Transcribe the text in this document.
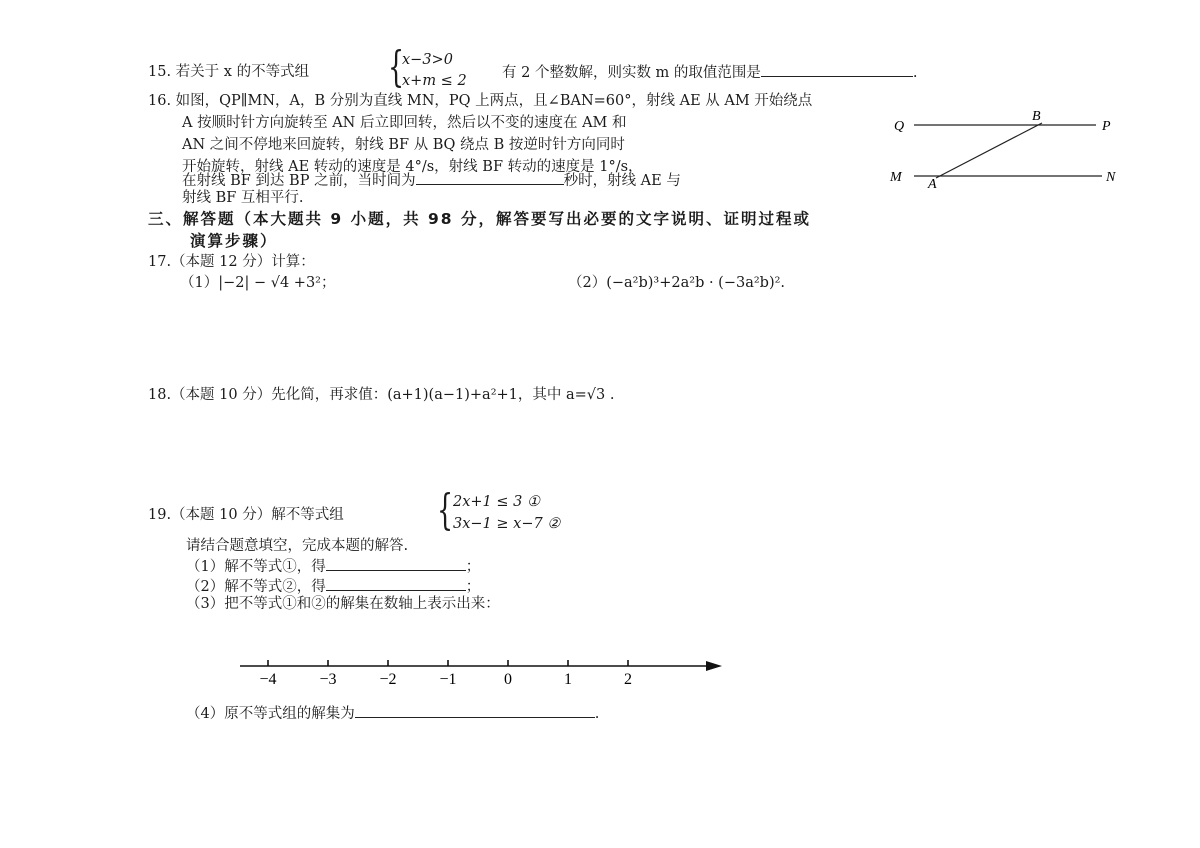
15. 若关于 x 的不等式组 {
x−3>0
x+m ≤ 2 有 2 个整数解，则实数 m 的取值范围是	.
16. 如图，QP∥MN，A，B 分别为直线 MN，PQ 上两点，且∠BAN=60°，射线 AE 从 AM 开始绕点
A 按顺时针方向旋转至 AN 后立即回转，然后以不变的速度在 AM 和
AN 之间不停地来回旋转，射线 BF 从 BQ 绕点 B 按逆时针方向同时
开始旋转，射线 AE 转动的速度是 4°/s，射线 BF 转动的速度是 1°/s，
在射线 BF 到达 BP 之前，当时间为	秒时，射线 AE 与
射线 BF 互相平行.
Q
B
P
M A	N
三、解答题（本大题共 9 小题，共 98 分，解答要写出必要的文字说明、证明过程或
演算步骤）
17.（本题 12 分）计算：
（1）|−2| − √4 +3²；	（2）(−a²b)³+2a²b · (−3a²b)².
18.（本题 10 分）先化简，再求值：(a+1)(a−1)+a²+1，其中 a=√3 .
19.（本题 10 分）解不等式组 { 2x+1 ≤ 3 ①
3x−1 ≥ x−7 ②
请结合题意填空，完成本题的解答.
（1）解不等式①，得	；
（2）解不等式②，得	；
（3）把不等式①和②的解集在数轴上表示出来：
−4	−3	−2	−1	0	1	2
（4）原不等式组的解集为	.
